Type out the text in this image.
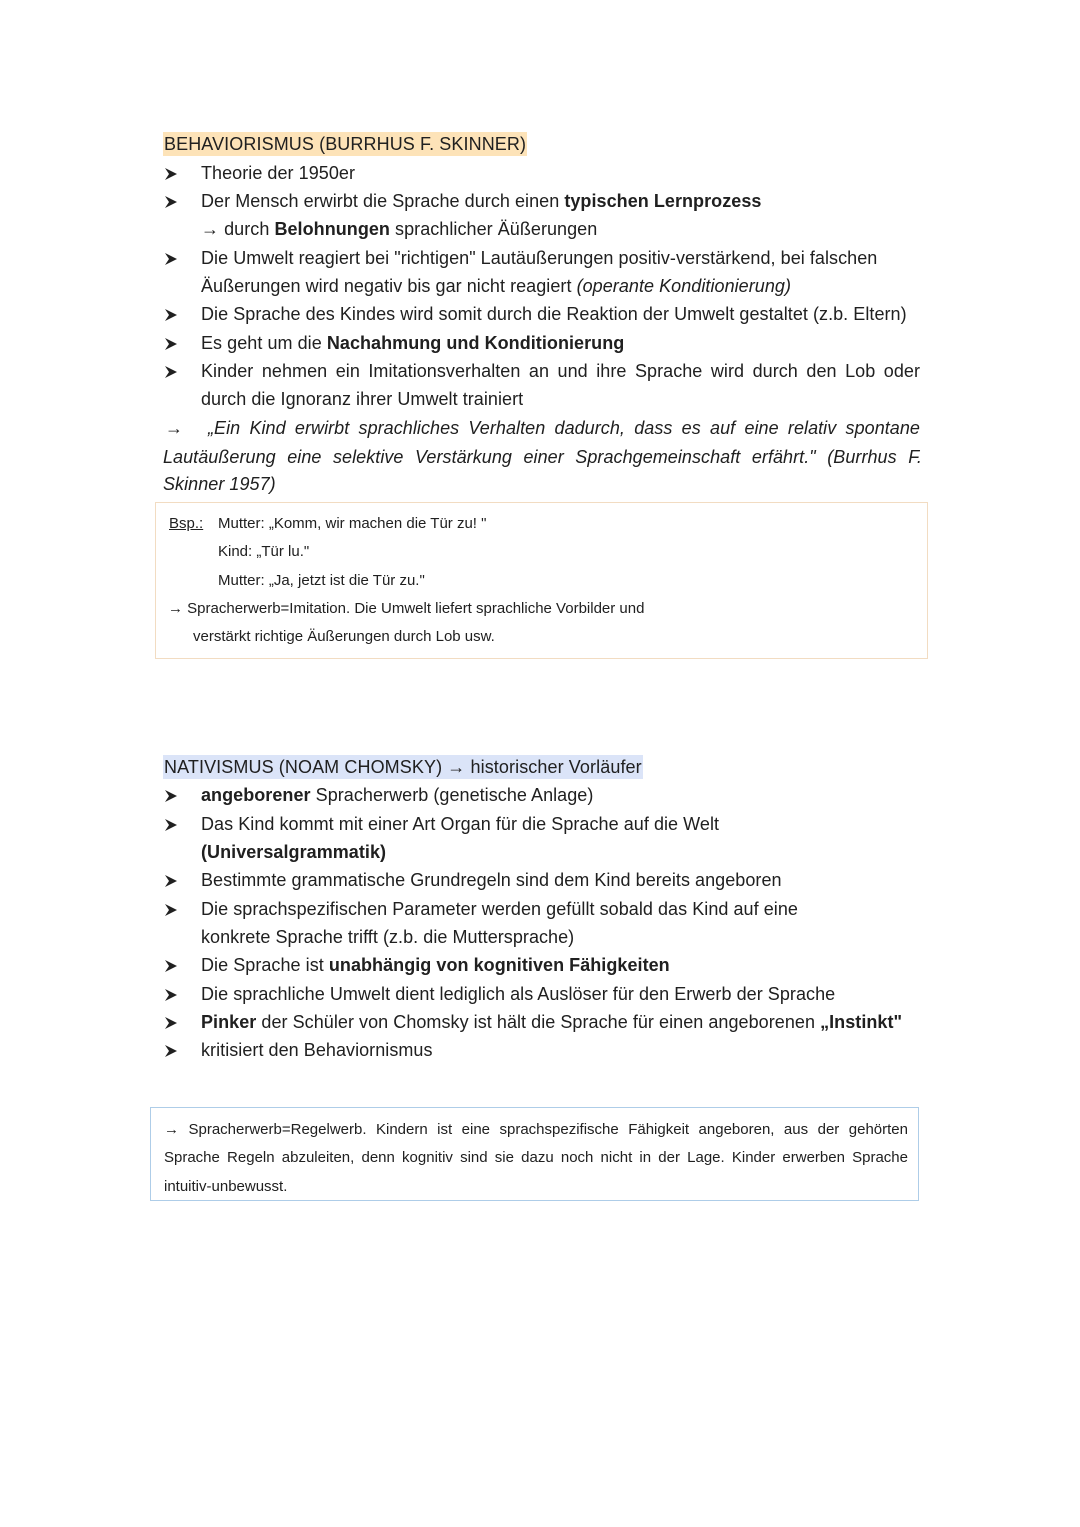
BEHAVIORISMUS (BURRHUS F. SKINNER)
Theorie der 1950er
Der Mensch erwirbt die Sprache durch einen typischen Lernprozess
→ durch Belohnungen sprachlicher Äüßerungen
Die Umwelt reagiert bei "richtigen" Lautäußerungen positiv-verstärkend, bei falschen
Äußerungen wird negativ bis gar nicht reagiert (operante Konditionierung)
Die Sprache des Kindes wird somit durch die Reaktion der Umwelt gestaltet (z.b. Eltern)
Es geht um die Nachahmung und Konditionierung
Kinder nehmen ein Imitationsverhalten an und ihre Sprache wird durch den Lob oder
durch die Ignoranz ihrer Umwelt trainiert
→ „Ein Kind erwirbt sprachliches Verhalten dadurch, dass es auf eine relativ spontane
Lautäußerung eine selektive Verstärkung einer Sprachgemeinschaft erfährt." (Burrhus F.
Skinner 1957)
Bsp.: Mutter: „Komm, wir machen die Tür zu! "
Kind: „Tür lu."
Mutter: „Ja, jetzt ist die Tür zu."
→ Spracherwerb=Imitation. Die Umwelt liefert sprachliche Vorbilder und
verstärkt richtige Äußerungen durch Lob usw.
NATIVISMUS (NOAM CHOMSKY) → historischer Vorläufer
angeborener Spracherwerb (genetische Anlage)
Das Kind kommt mit einer Art Organ für die Sprache auf die Welt
(Universalgrammatik)
Bestimmte grammatische Grundregeln sind dem Kind bereits angeboren
Die sprachspezifischen Parameter werden gefüllt sobald das Kind auf eine
konkrete Sprache trifft (z.b. die Muttersprache)
Die Sprache ist unabhängig von kognitiven Fähigkeiten
Die sprachliche Umwelt dient lediglich als Auslöser für den Erwerb der Sprache
Pinker der Schüler von Chomsky ist hält die Sprache für einen angeborenen „Instinkt"
kritisiert den Behaviornismus
→ Spracherwerb=Regelwerb. Kindern ist eine sprachspezifische Fähigkeit angeboren, aus der gehörten
Sprache Regeln abzuleiten, denn kognitiv sind sie dazu noch nicht in der Lage. Kinder erwerben Sprache
intuitiv-unbewusst.
